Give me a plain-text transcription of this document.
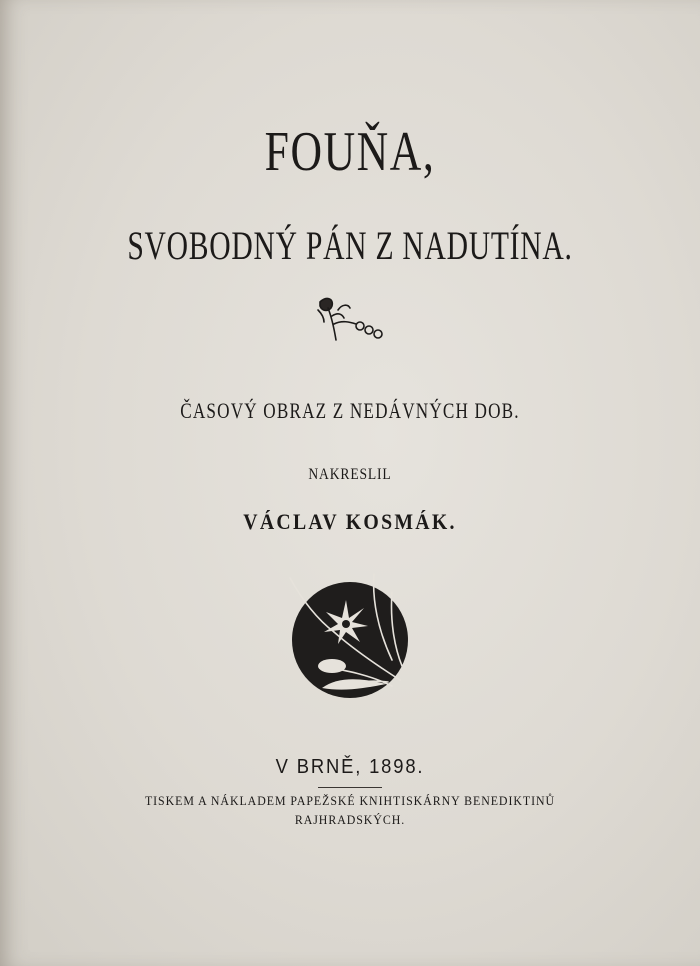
FOUŇA,
SVOBODNÝ PÁN Z NADUTÍNA.
ČASOVÝ OBRAZ Z NEDÁVNÝCH DOB.
NAKRESLIL
VÁCLAV KOSMÁK.
V BRNĚ, 1898.
TISKEM A NÁKLADEM PAPEŽSKÉ KNIHTISKÁRNY BENEDIKTINŮ
RAJHRADSKÝCH.
